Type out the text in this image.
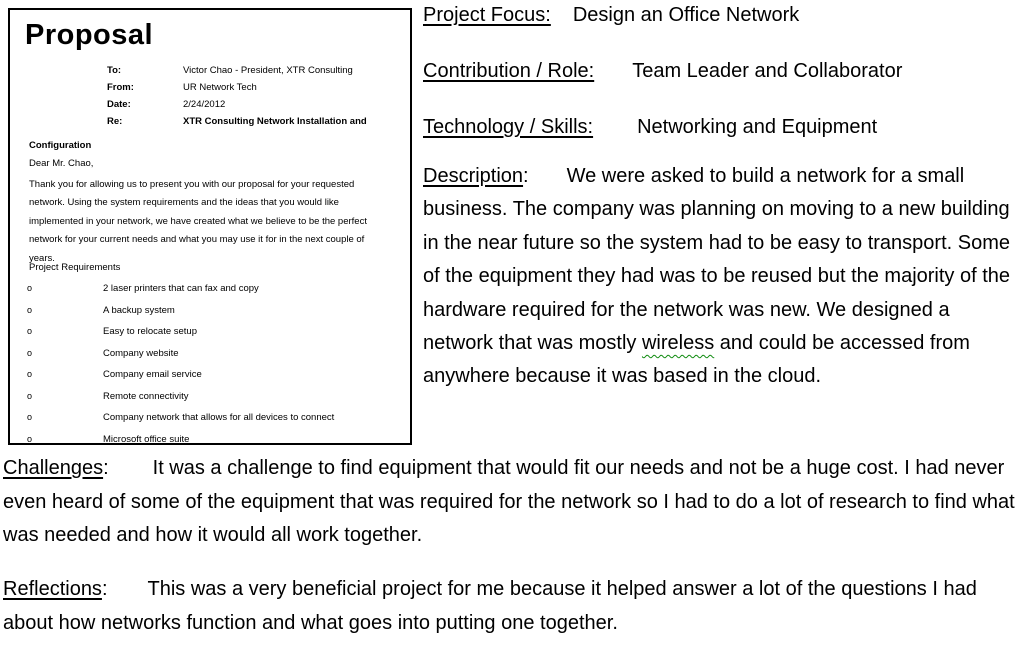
Proposal
To:	Victor Chao - President, XTR Consulting
From:	UR Network Tech
Date:	2/24/2012
Re:	XTR Consulting Network Installation and
Configuration
Dear Mr. Chao,
Thank you for allowing us to present you with our proposal for your requested network. Using the system requirements and the ideas that you would like implemented in your network, we have created what we believe to be the perfect network for your current needs and what you may use it for in the next couple of years.
Project Requirements
o	2 laser printers that can fax and copy
o	A backup system
o	Easy to relocate setup
o	Company website
o	Company email service
o	Remote connectivity
o	Company network that allows for all devices to connect
o	Microsoft office suite
Project Focus: Design an Office Network
Contribution / Role: Team Leader and Collaborator
Technology / Skills: Networking and Equipment

Description: We were asked to build a network for a small business. The company was planning on moving to a new building in the near future so the system had to be easy to transport. Some of the equipment they had was to be reused but the majority of the hardware required for the network was new. We designed a network that was mostly wireless and could be accessed from anywhere because it was based in the cloud.

Challenges: It was a challenge to find equipment that would fit our needs and not be a huge cost. I had never even heard of some of the equipment that was required for the network so I had to do a lot of research to find what was needed and how it would all work together.

Reflections: This was a very beneficial project for me because it helped answer a lot of the questions I had about how networks function and what goes into putting one together.
